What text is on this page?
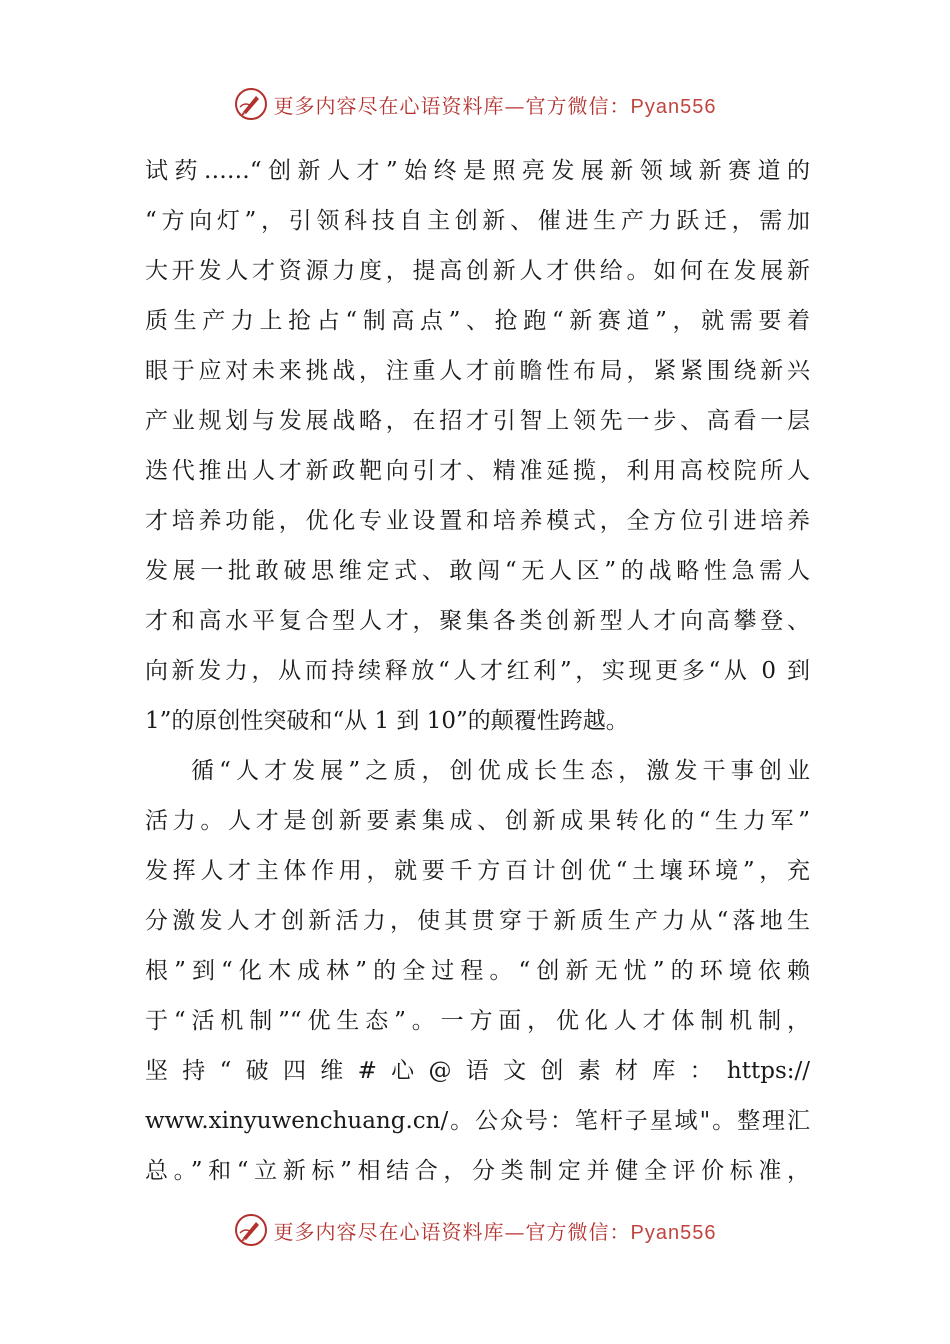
更多内容尽在心语资料库—官方微信：Pyan556
试药……“创新人才”始终是照亮发展新领域新赛道的
“方向灯”，引领科技自主创新、催进生产力跃迁，需加
大开发人才资源力度，提高创新人才供给。如何在发展新
质生产力上抢占“制高点”、抢跑“新赛道”，就需要着
眼于应对未来挑战，注重人才前瞻性布局，紧紧围绕新兴
产业规划与发展战略，在招才引智上领先一步、高看一层
迭代推出人才新政靶向引才、精准延揽，利用高校院所人
才培养功能，优化专业设置和培养模式，全方位引进培养
发展一批敢破思维定式、敢闯“无人区”的战略性急需人
才和高水平复合型人才，聚集各类创新型人才向高攀登、
向新发力，从而持续释放“人才红利”，实现更多“从 0 到
1”的原创性突破和“从 1 到 10”的颠覆性跨越。
循“人才发展”之质，创优成长生态，激发干事创业
活力。人才是创新要素集成、创新成果转化的“生力军”
发挥人才主体作用，就要千方百计创优“土壤环境”，充
分激发人才创新活力，使其贯穿于新质生产力从“落地生
根”到“化木成林”的全过程。“创新无忧”的环境依赖
于“活机制”“优生态”。一方面，优化人才体制机制，
坚持“破四维#心@语文创素材库：https://
www.xinyuwenchuang.cn/。公众号：笔杆子星域"。整理汇
总。”和“立新标”相结合，分类制定并健全评价标准，
更多内容尽在心语资料库—官方微信：Pyan556
